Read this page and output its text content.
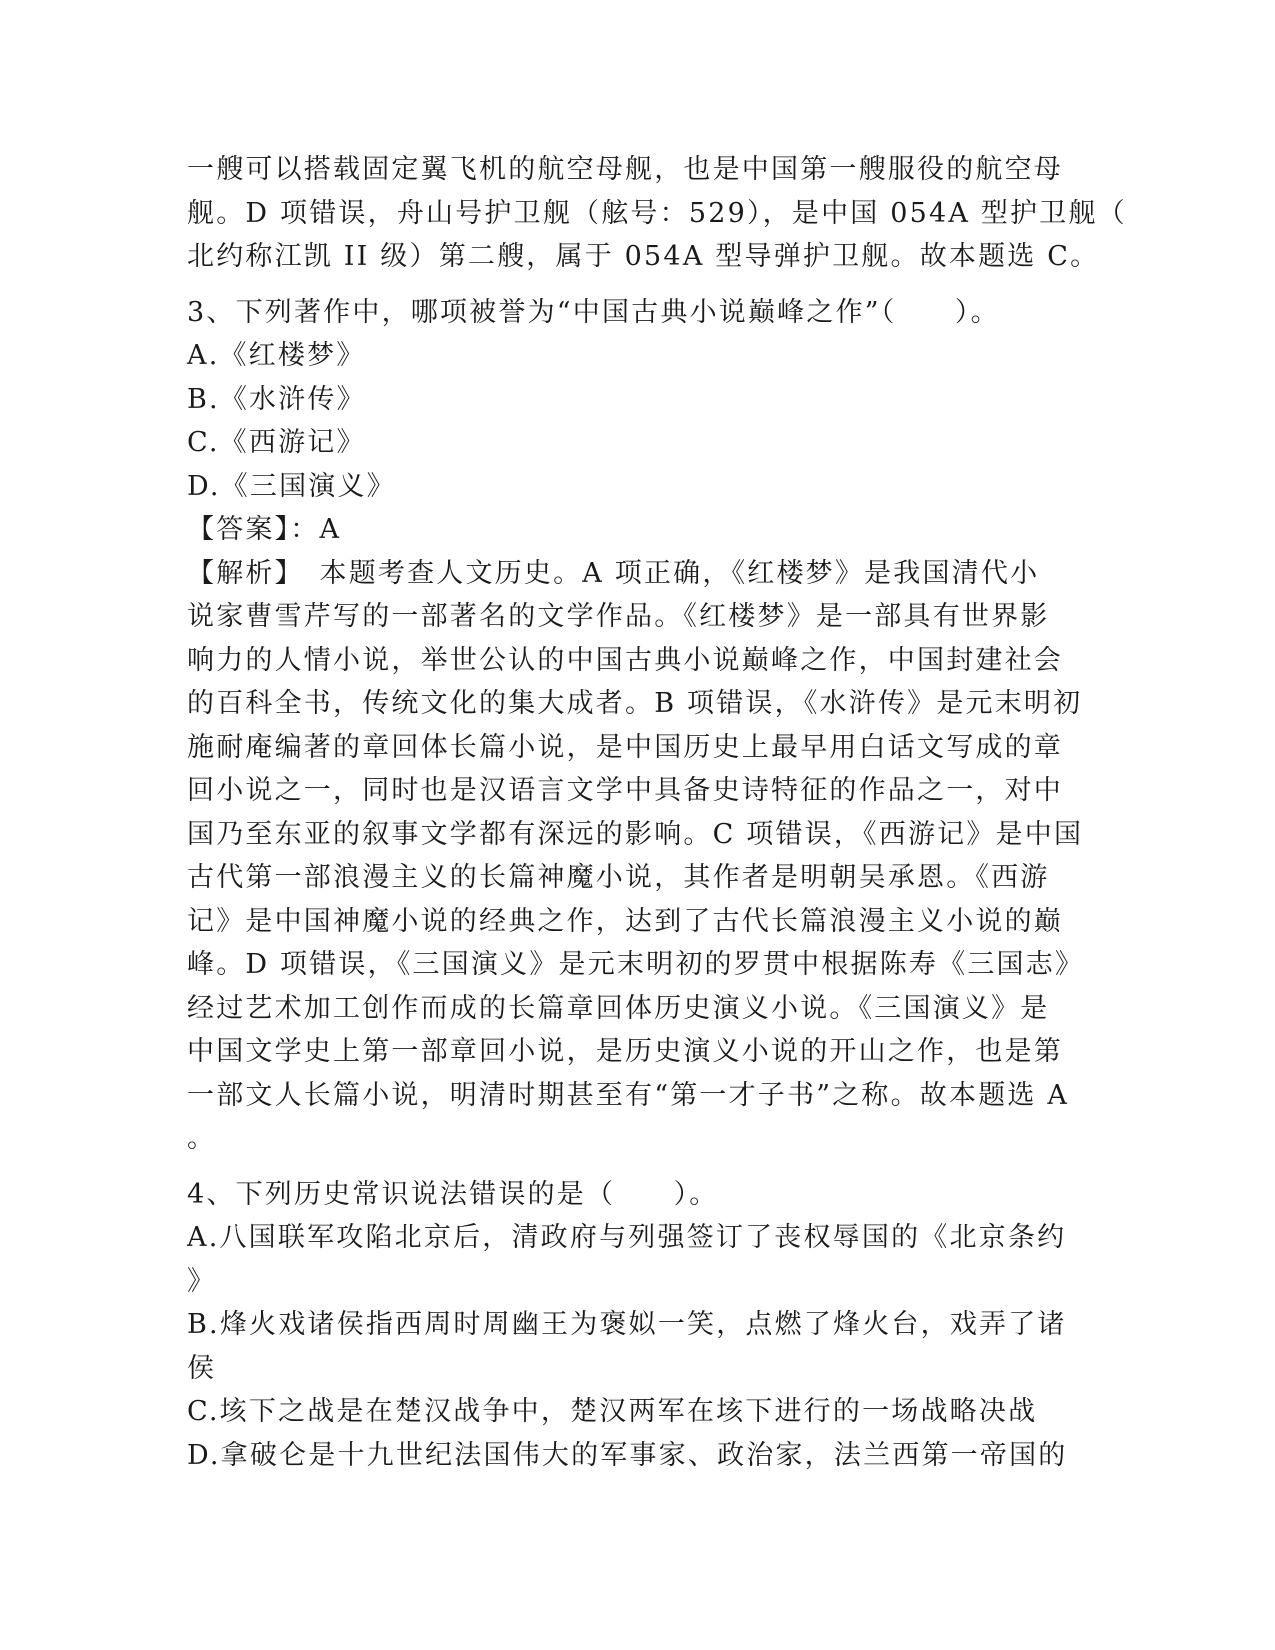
一艘可以搭载固定翼飞机的航空母舰，也是中国第一艘服役的航空母
舰。D 项错误，舟山号护卫舰（舷号：529），是中国 054A 型护卫舰（
北约称江凯 II 级）第二艘，属于 054A 型导弹护卫舰。故本题选 C。
3、下列著作中，哪项被誉为“中国古典小说巅峰之作”（　　）。
A.《红楼梦》
B.《水浒传》
C.《西游记》
D.《三国演义》
【答案】：A
【解析】　本题考查人文历史。A 项正确，《红楼梦》是我国清代小
说家曹雪芹写的一部著名的文学作品。《红楼梦》是一部具有世界影
响力的人情小说，举世公认的中国古典小说巅峰之作，中国封建社会
的百科全书，传统文化的集大成者。B 项错误，《水浒传》是元末明初
施耐庵编著的章回体长篇小说，是中国历史上最早用白话文写成的章
回小说之一，同时也是汉语言文学中具备史诗特征的作品之一，对中
国乃至东亚的叙事文学都有深远的影响。C 项错误，《西游记》是中国
古代第一部浪漫主义的长篇神魔小说，其作者是明朝吴承恩。《西游
记》是中国神魔小说的经典之作，达到了古代长篇浪漫主义小说的巅
峰。D 项错误，《三国演义》是元末明初的罗贯中根据陈寿《三国志》
经过艺术加工创作而成的长篇章回体历史演义小说。《三国演义》是
中国文学史上第一部章回小说，是历史演义小说的开山之作，也是第
一部文人长篇小说，明清时期甚至有“第一才子书”之称。故本题选 A
。
4、下列历史常识说法错误的是（　　）。
A.八国联军攻陷北京后，清政府与列强签订了丧权辱国的《北京条约
》
B.烽火戏诸侯指西周时周幽王为褒姒一笑，点燃了烽火台，戏弄了诸
侯
C.垓下之战是在楚汉战争中，楚汉两军在垓下进行的一场战略决战
D.拿破仑是十九世纪法国伟大的军事家、政治家，法兰西第一帝国的
